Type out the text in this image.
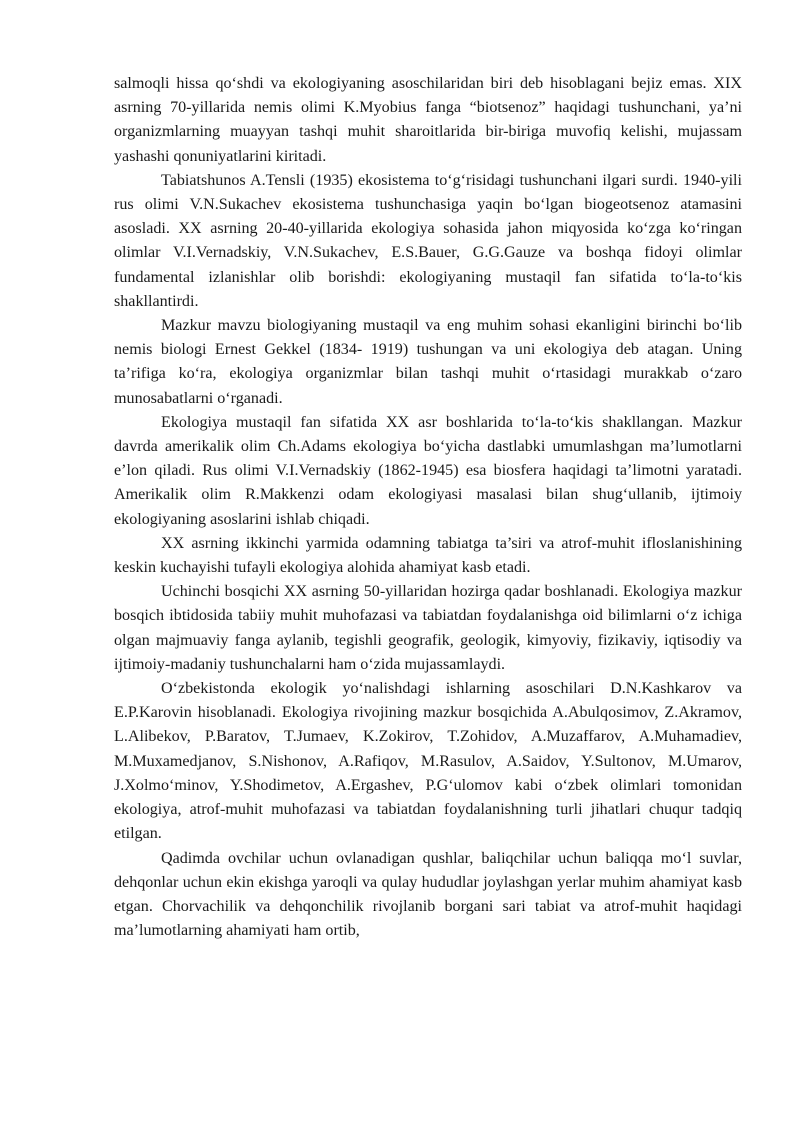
salmoqli hissa qo‘shdi va ekologiyaning asoschilaridan biri deb hisoblagani bejiz emas. XIX asrning 70-yillarida nemis olimi K.Myobius fanga “biotsenoz” haqidagi tushunchani, ya’ni organizmlarning muayyan tashqi muhit sharoitlarida bir-biriga muvofiq kelishi, mujassam yashashi qonuniyatlarini kiritadi.

Tabiatshunos A.Tensli (1935) ekosistema to‘g‘risidagi tushunchani ilgari surdi. 1940-yili rus olimi V.N.Sukachev ekosistema tushunchasiga yaqin bo‘lgan biogeotsenoz atamasini asosladi. XX asrning 20-40-yillarida ekologiya sohasida jahon miqyosida ko‘zga ko‘ringan olimlar V.I.Vernadskiy, V.N.Sukachev, E.S.Bauer, G.G.Gauze va boshqa fidoyi olimlar fundamental izlanishlar olib borishdi: ekologiyaning mustaqil fan sifatida to‘la-to‘kis shakllantirdi.

Mazkur mavzu biologiyaning mustaqil va eng muhim sohasi ekanligini birinchi bo‘lib nemis biologi Ernest Gekkel (1834- 1919) tushungan va uni ekologiya deb atagan. Uning ta’rifiga ko‘ra, ekologiya organizmlar bilan tashqi muhit o‘rtasidagi murakkab o‘zaro munosabatlarni o‘rganadi.

Ekologiya mustaqil fan sifatida XX asr boshlarida to‘la-to‘kis shakllangan. Mazkur davrda amerikalik olim Ch.Adams ekologiya bo‘yicha dastlabki umumlashgan ma’lumotlarni e’lon qiladi. Rus olimi V.I.Vernadskiy (1862-1945) esa biosfera haqidagi ta’limotni yaratadi. Amerikalik olim R.Makkenzi odam ekologiyasi masalasi bilan shug‘ullanib, ijtimoiy ekologiyaning asoslarini ishlab chiqadi.

XX asrning ikkinchi yarmida odamning tabiatga ta’siri va atrof-muhit ifloslanishining keskin kuchayishi tufayli ekologiya alohida ahamiyat kasb etadi.

Uchinchi bosqichi XX asrning 50-yillaridan hozirga qadar boshlanadi. Ekologiya mazkur bosqich ibtidosida tabiiy muhit muhofazasi va tabiatdan foydalanishga oid bilimlarni o‘z ichiga olgan majmuaviy fanga aylanib, tegishli geografik, geologik, kimyoviy, fizikaviy, iqtisodiy va ijtimoiy-madaniy tushunchalarni ham o‘zida mujassamlaydi.

O‘zbekistonda ekologik yo‘nalishdagi ishlarning asoschilari D.N.Kashkarov va E.P.Karovin hisoblanadi. Ekologiya rivojining mazkur bosqichida A.Abulqosimov, Z.Akramov, L.Alibekov, P.Baratov, T.Jumaev, K.Zokirov, T.Zohidov, A.Muzaffarov, A.Muhamadiev, M.Muxamedjanov, S.Nishonov, A.Rafiqov, M.Rasulov, A.Saidov, Y.Sultonov, M.Umarov, J.Xolmo‘minov, Y.Shodimetov, A.Ergashev, P.G‘ulomov kabi o‘zbek olimlari tomonidan ekologiya, atrof-muhit muhofazasi va tabiatdan foydalanishning turli jihatlari chuqur tadqiq etilgan.

Qadimda ovchilar uchun ovlanadigan qushlar, baliqchilar uchun baliqqa mo‘l suvlar, dehqonlar uchun ekin ekishga yaroqli va qulay hududlar joylashgan yerlar muhim ahamiyat kasb etgan. Chorvachilik va dehqonchilik rivojlanib borgani sari tabiat va atrof-muhit haqidagi ma’lumotlarning ahamiyati ham ortib,
